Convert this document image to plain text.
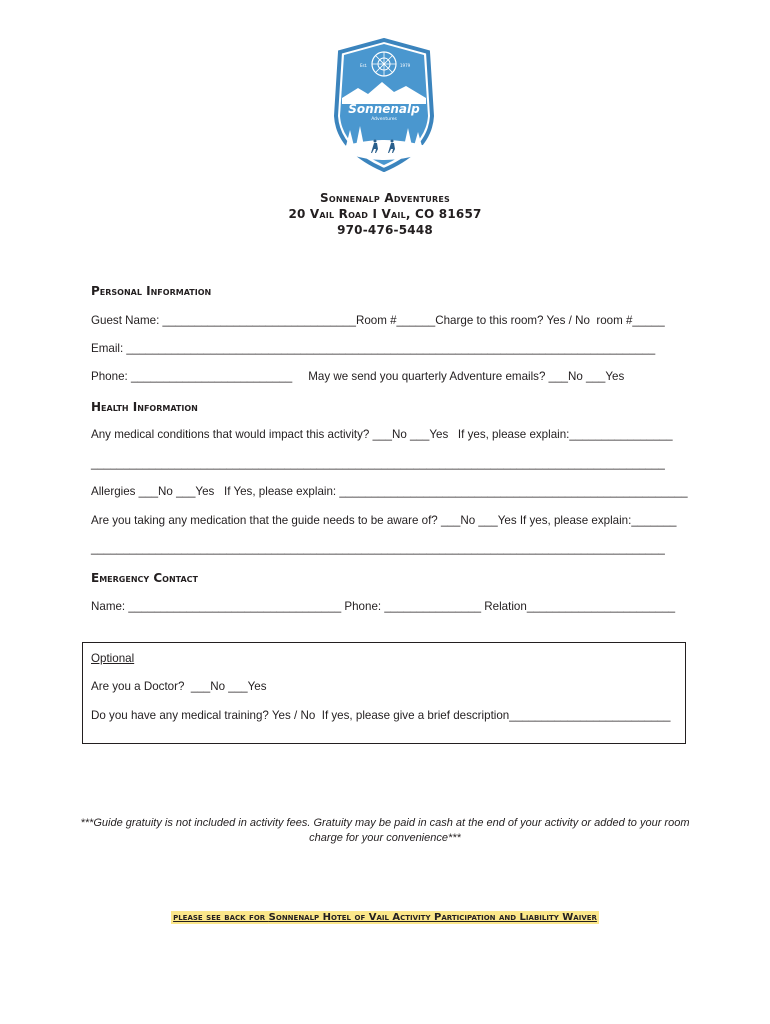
Est.	1979
Sonnenalp
Adventures
Sonnenalp Adventures
20 Vail Road I Vail, CO 81657
970-476-5448
Personal Information
Guest Name: ______________________________Room #______Charge to this room? Yes / No  room #_____
Email: __________________________________________________________________________________
Phone: _________________________     May we send you quarterly Adventure emails? ___No ___Yes
Health Information
Any medical conditions that would impact this activity? ___No ___Yes   If yes, please explain:________________
_________________________________________________________________________________________
Allergies ___No ___Yes   If Yes, please explain: ______________________________________________________
Are you taking any medication that the guide needs to be aware of? ___No ___Yes If yes, please explain:_______
_________________________________________________________________________________________
Emergency Contact
Name: _________________________________ Phone: _______________ Relation_______________________
Optional
Are you a Doctor?  ___No ___Yes
Do you have any medical training? Yes / No  If yes, please give a brief description_________________________
***Guide gratuity is not included in activity fees. Gratuity may be paid in cash at the end of your activity or added to your room charge for your convenience***
please see back for Sonnenalp Hotel of Vail Activity Participation and Liability Waiver
